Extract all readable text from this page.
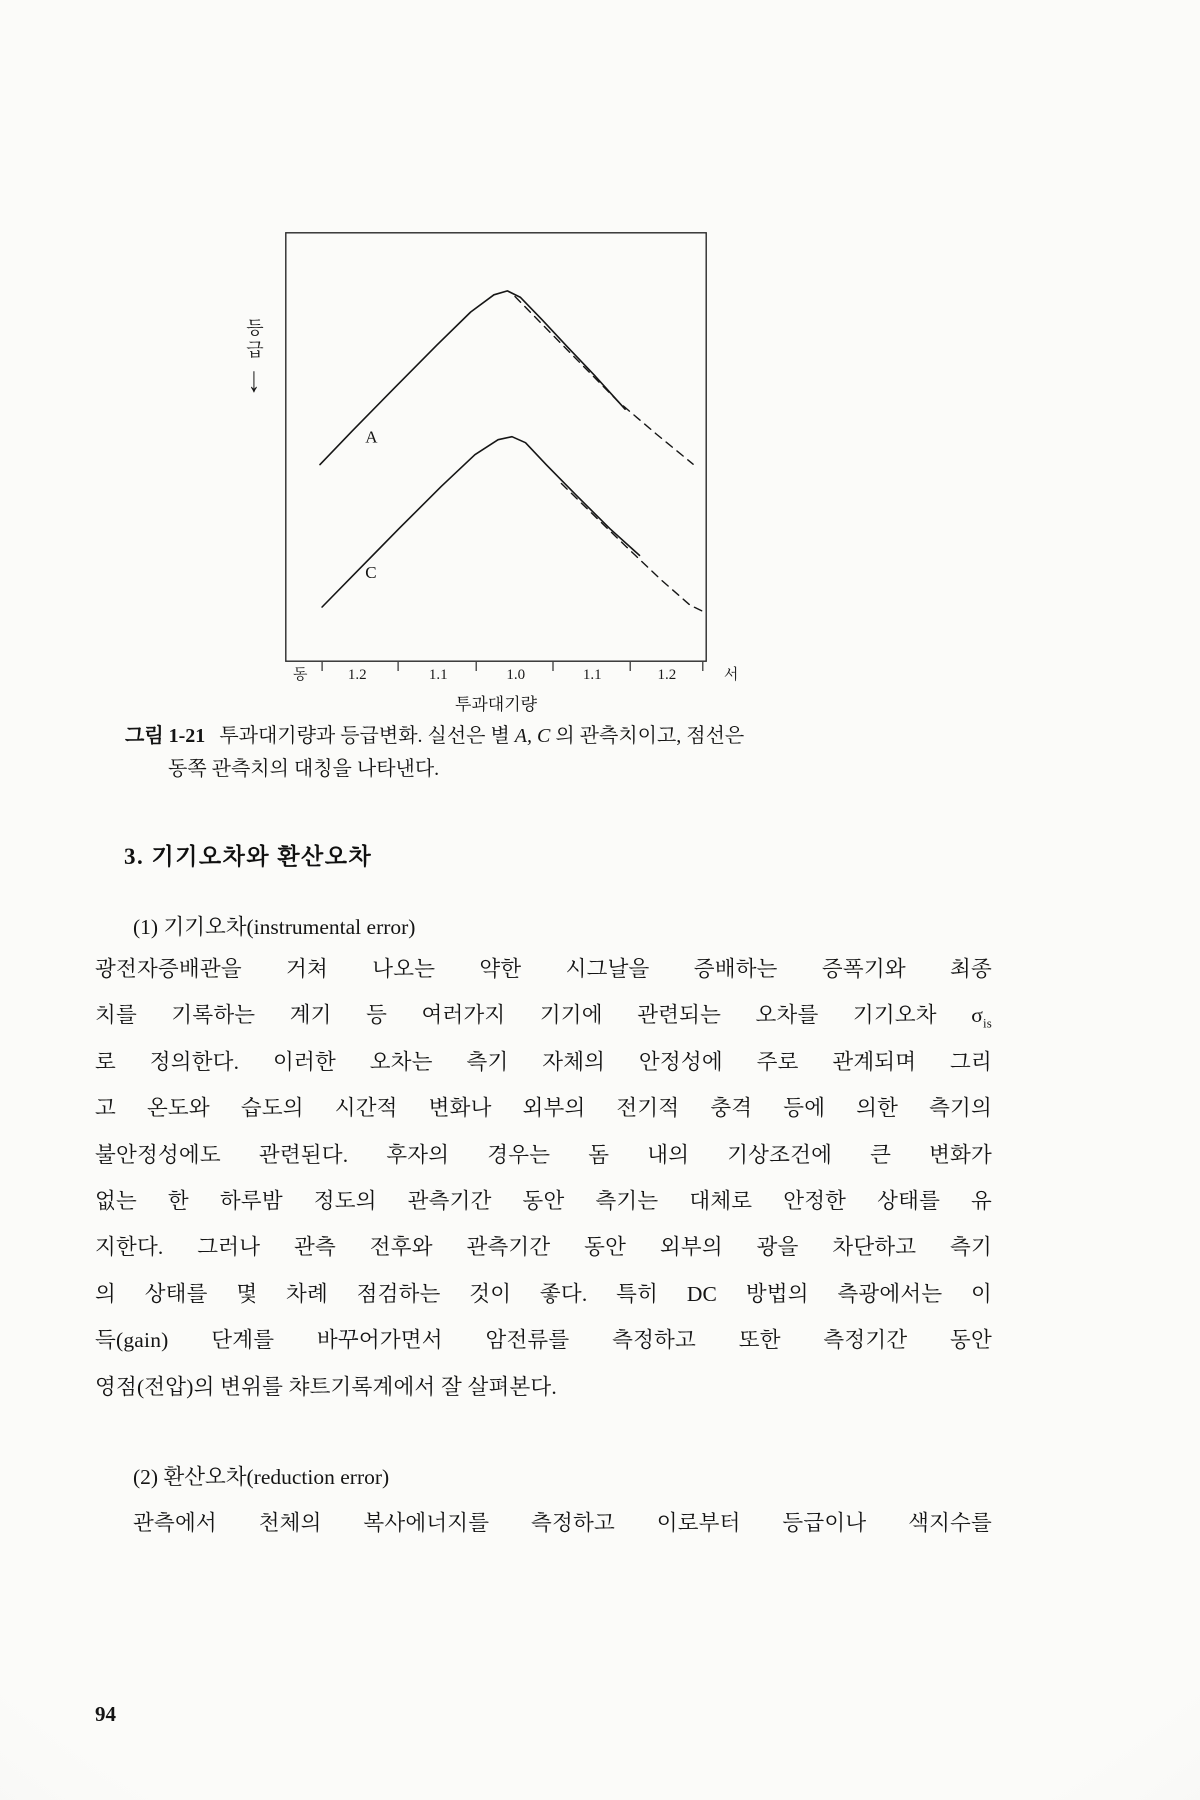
등급
↓
A
C
동	1.2	1.1	1.0	1.1	1.2	서
투과대기량
그림 1-21 투과대기량과 등급변화. 실선은 별 A, C 의 관측치이고, 점선은
동쪽 관측치의 대칭을 나타낸다.
3. 기기오차와 환산오차
(1) 기기오차(instrumental error)
광전자증배관을 거쳐 나오는 약한 시그날을 증배하는 증폭기와 최종
치를 기록하는 계기 등 여러가지 기기에 관련되는 오차를 기기오차 $\sigma_{is}$
로 정의한다. 이러한 오차는 측기 자체의 안정성에 주로 관계되며 그리
고 온도와 습도의 시간적 변화나 외부의 전기적 충격 등에 의한 측기의
불안정성에도 관련된다. 후자의 경우는 돔 내의 기상조건에 큰 변화가
없는 한 하루밤 정도의 관측기간 동안 측기는 대체로 안정한 상태를 유
지한다. 그러나 관측 전후와 관측기간 동안 외부의 광을 차단하고 측기
의 상태를 몇 차례 점검하는 것이 좋다. 특히 DC 방법의 측광에서는 이
득(gain) 단계를 바꾸어가면서 암전류를 측정하고 또한 측정기간 동안
영점(전압)의 변위를 챠트기록계에서 잘 살펴본다.
(2) 환산오차(reduction error)
관측에서 천체의 복사에너지를 측정하고 이로부터 등급이나 색지수를
94
